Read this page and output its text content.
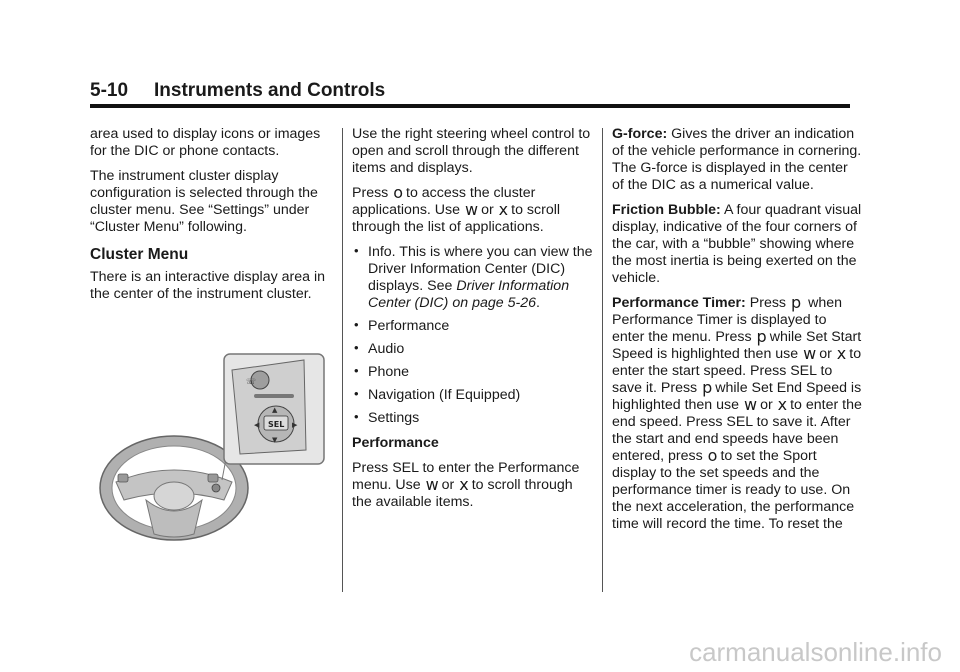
5-10 Instruments and Controls

area used to display icons or images for the DIC or phone contacts.

The instrument cluster display configuration is selected through the cluster menu. See “Settings” under “Cluster Menu” following.

Cluster Menu

There is an interactive display area in the center of the instrument cluster.

☏
SEL
▲
▼
◀	▶

Use the right steering wheel control to open and scroll through the different items and displays.

Press o to access the cluster applications. Use w or x to scroll through the list of applications.

• Info. This is where you can view the Driver Information Center (DIC) displays. See Driver Information Center (DIC) on page 5-26.
• Performance
• Audio
• Phone
• Navigation (If Equipped)
• Settings

Performance

Press SEL to enter the Performance menu. Use w or x to scroll through the available items.

G-force: Gives the driver an indication of the vehicle performance in cornering. The G-force is displayed in the center of the DIC as a numerical value.

Friction Bubble: A four quadrant visual display, indicative of the four corners of the car, with a “bubble” showing where the most inertia is being exerted on the vehicle.

Performance Timer: Press p when Performance Timer is displayed to enter the menu. Press p while Set Start Speed is highlighted then use w or x to enter the start speed. Press SEL to save it. Press p while Set End Speed is highlighted then use w or x to enter the end speed. Press SEL to save it. After the start and end speeds have been entered, press o to set the Sport display to the set speeds and the performance timer is ready to use. On the next acceleration, the performance time will record the time. To reset the

carmanualsonline.info
